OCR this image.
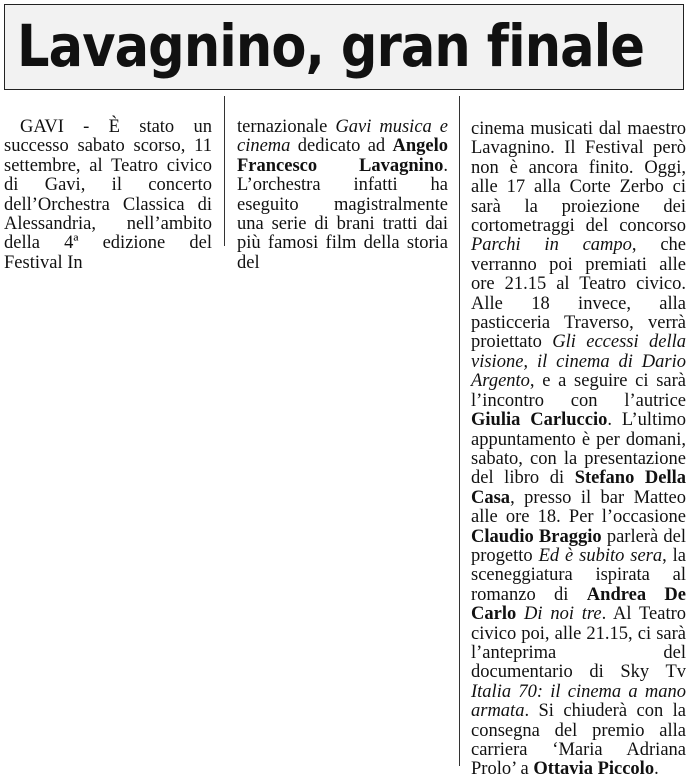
Lavagnino, gran finale

GAVI - È stato un successo sabato scorso, 11 settembre, al Teatro civico di Gavi, il concerto dell’Orchestra Classica di Alessandria, nell’ambito della 4ª edizione del Festival In

ternazionale Gavi musica e cinema dedicato ad Angelo Francesco Lavagnino. L’orchestra infatti ha eseguito magistralmente una serie di brani tratti dai più famosi film della storia del

cinema musicati dal maestro Lavagnino. Il Festival però non è ancora finito. Oggi, alle 17 alla Corte Zerbo ci sarà la proiezione dei cortometraggi del concorso Parchi in campo, che verranno poi premiati alle ore 21.15 al Teatro civico. Alle 18 invece, alla pasticceria Traverso, verrà proiettato Gli eccessi della visione, il cinema di Dario Argento, e a seguire ci sarà l’incontro con l’autrice Giulia Carluccio. L’ultimo appuntamento è per domani, sabato, con la presentazione del libro di Stefano Della Casa, presso il bar Matteo alle ore 18. Per l’occasione Claudio Braggio parlerà del progetto Ed è subito sera, la sceneggiatura ispirata al romanzo di Andrea De Carlo Di noi tre. Al Teatro civico poi, alle 21.15, ci sarà l’anteprima del documentario di Sky Tv Italia 70: il cinema a mano armata. Si chiuderà con la consegna del premio alla carriera ‘Maria Adriana Prolo’ a Ottavia Piccolo.
